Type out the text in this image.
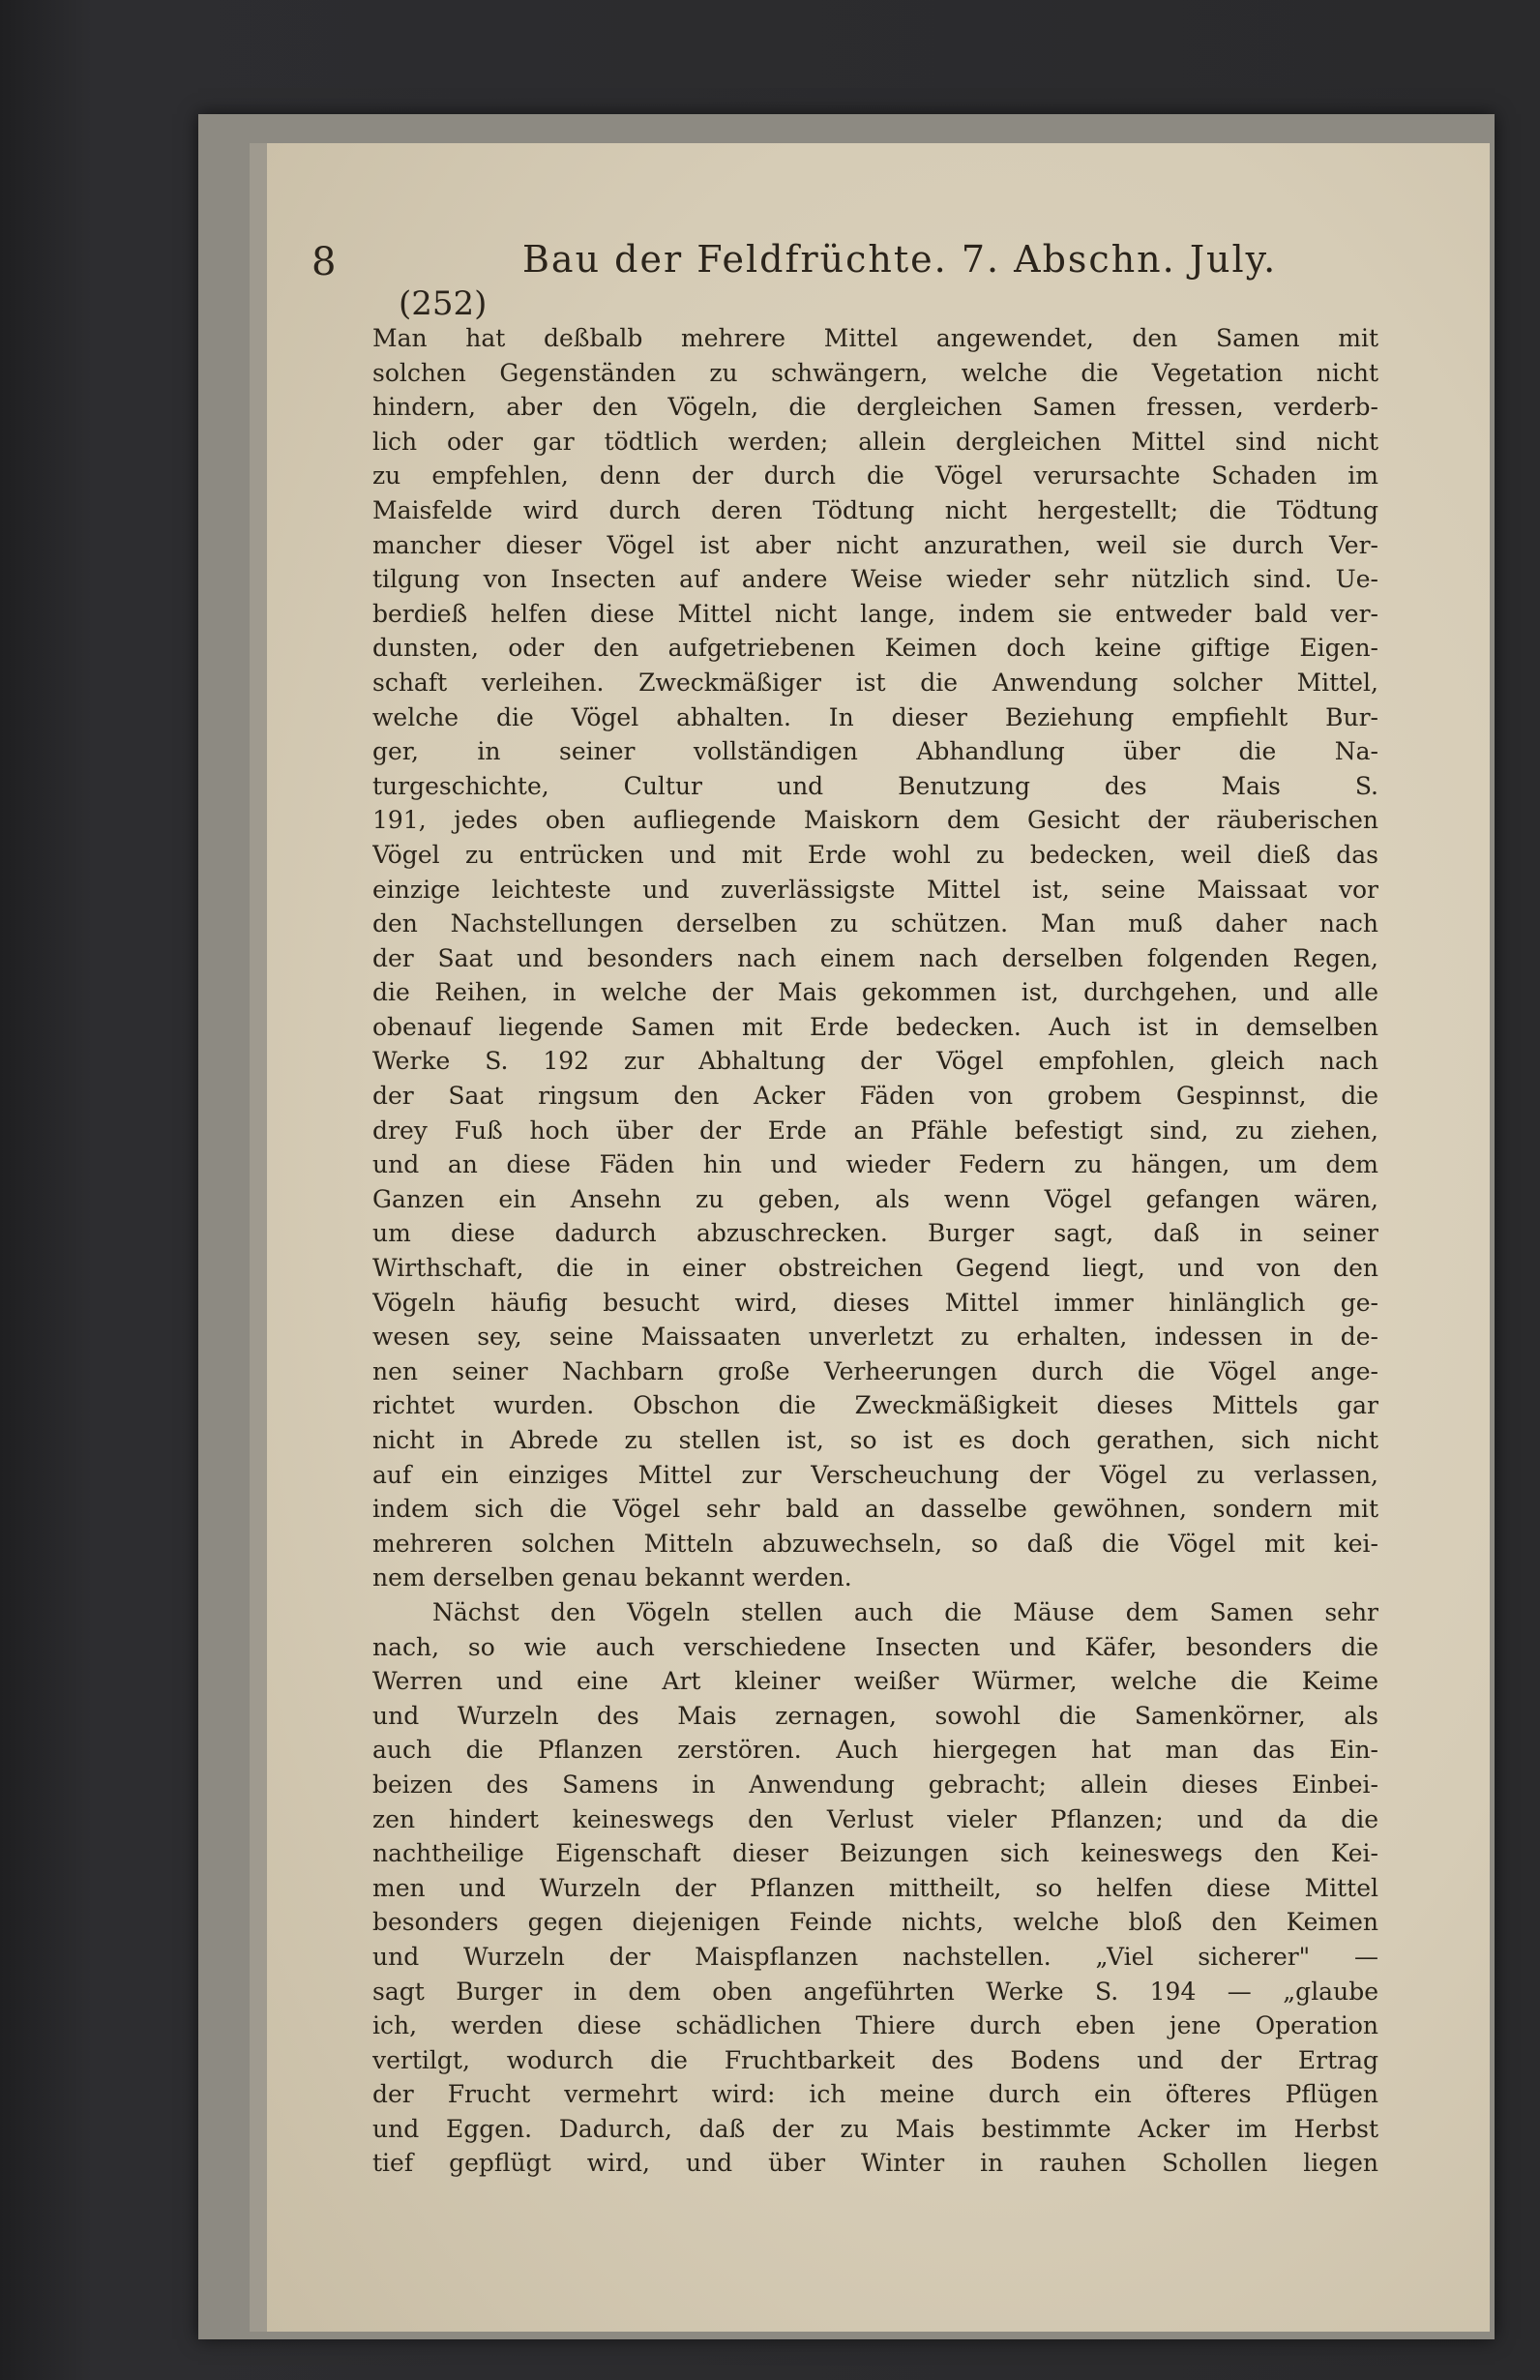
8	Bau der Feldfrüchte. 7. Abschn. July.
(252)
Man hat deßbalb mehrere Mittel angewendet, den Samen mit
solchen Gegenständen zu schwängern, welche die Vegetation nicht
hindern, aber den Vögeln, die dergleichen Samen fressen, verderb-
lich oder gar tödtlich werden; allein dergleichen Mittel sind nicht
zu empfehlen, denn der durch die Vögel verursachte Schaden im
Maisfelde wird durch deren Tödtung nicht hergestellt; die Tödtung
mancher dieser Vögel ist aber nicht anzurathen, weil sie durch Ver-
tilgung von Insecten auf andere Weise wieder sehr nützlich sind. Ue-
berdieß helfen diese Mittel nicht lange, indem sie entweder bald ver-
dunsten, oder den aufgetriebenen Keimen doch keine giftige Eigen-
schaft verleihen. Zweckmäßiger ist die Anwendung solcher Mittel,
welche die Vögel abhalten. In dieser Beziehung empfiehlt Bur-
ger, in seiner vollständigen Abhandlung über die Na-
turgeschichte, Cultur und Benutzung des Mais S.
191, jedes oben aufliegende Maiskorn dem Gesicht der räuberischen
Vögel zu entrücken und mit Erde wohl zu bedecken, weil dieß das
einzige leichteste und zuverlässigste Mittel ist, seine Maissaat vor
den Nachstellungen derselben zu schützen. Man muß daher nach
der Saat und besonders nach einem nach derselben folgenden Regen,
die Reihen, in welche der Mais gekommen ist, durchgehen, und alle
obenauf liegende Samen mit Erde bedecken. Auch ist in demselben
Werke S. 192 zur Abhaltung der Vögel empfohlen, gleich nach
der Saat ringsum den Acker Fäden von grobem Gespinnst, die
drey Fuß hoch über der Erde an Pfähle befestigt sind, zu ziehen,
und an diese Fäden hin und wieder Federn zu hängen, um dem
Ganzen ein Ansehn zu geben, als wenn Vögel gefangen wären,
um diese dadurch abzuschrecken. Burger sagt, daß in seiner
Wirthschaft, die in einer obstreichen Gegend liegt, und von den
Vögeln häufig besucht wird, dieses Mittel immer hinlänglich ge-
wesen sey, seine Maissaaten unverletzt zu erhalten, indessen in de-
nen seiner Nachbarn große Verheerungen durch die Vögel ange-
richtet wurden. Obschon die Zweckmäßigkeit dieses Mittels gar
nicht in Abrede zu stellen ist, so ist es doch gerathen, sich nicht
auf ein einziges Mittel zur Verscheuchung der Vögel zu verlassen,
indem sich die Vögel sehr bald an dasselbe gewöhnen, sondern mit
mehreren solchen Mitteln abzuwechseln, so daß die Vögel mit kei-
nem derselben genau bekannt werden.
Nächst den Vögeln stellen auch die Mäuse dem Samen sehr
nach, so wie auch verschiedene Insecten und Käfer, besonders die
Werren und eine Art kleiner weißer Würmer, welche die Keime
und Wurzeln des Mais zernagen, sowohl die Samenkörner, als
auch die Pflanzen zerstören. Auch hiergegen hat man das Ein-
beizen des Samens in Anwendung gebracht; allein dieses Einbei-
zen hindert keineswegs den Verlust vieler Pflanzen; und da die
nachtheilige Eigenschaft dieser Beizungen sich keineswegs den Kei-
men und Wurzeln der Pflanzen mittheilt, so helfen diese Mittel
besonders gegen diejenigen Feinde nichts, welche bloß den Keimen
und Wurzeln der Maispflanzen nachstellen. „Viel sicherer" —
sagt Burger in dem oben angeführten Werke S. 194 — „glaube
ich, werden diese schädlichen Thiere durch eben jene Operation
vertilgt, wodurch die Fruchtbarkeit des Bodens und der Ertrag
der Frucht vermehrt wird: ich meine durch ein öfteres Pflügen
und Eggen. Dadurch, daß der zu Mais bestimmte Acker im Herbst
tief gepflügt wird, und über Winter in rauhen Schollen liegen
